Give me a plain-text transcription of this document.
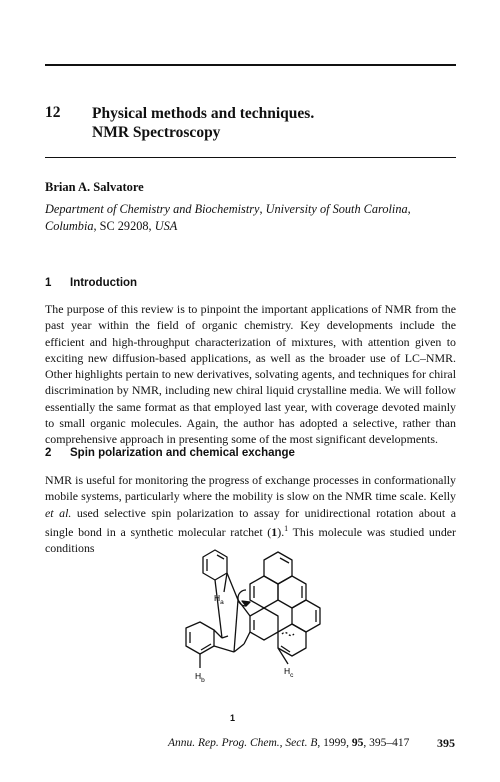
12 Physical methods and techniques.
NMR Spectroscopy
Brian A. Salvatore
Department of Chemistry and Biochemistry, University of South Carolina,
Columbia, SC 29208, USA
1 Introduction
The purpose of this review is to pinpoint the important applications of NMR from the past year within the field of organic chemistry. Key developments include the efficient and high-throughput characterization of mixtures, with attention given to exciting new diffusion-based applications, as well as the broader use of LC–NMR. Other highlights pertain to new derivatives, solvating agents, and techniques for chiral discrimination by NMR, including new chiral liquid crystalline media. We will follow essentially the same format as that employed last year, with coverage devoted mainly to small organic molecules. Again, the author has adopted a selective, rather than comprehensive approach in presenting some of the most significant developments.
2 Spin polarization and chemical exchange
NMR is useful for monitoring the progress of exchange processes in conformationally mobile systems, particularly where the mobility is slow on the NMR time scale. Kelly et al. used selective spin polarization to assay for unidirectional rotation about a single bond in a synthetic molecular ratchet (1).$^1$ This molecule was studied under conditions
$H_a$
$H_b$
$H_c$
1
Annu. Rep. Prog. Chem., Sect. B, 1999, 95, 395–417 395
